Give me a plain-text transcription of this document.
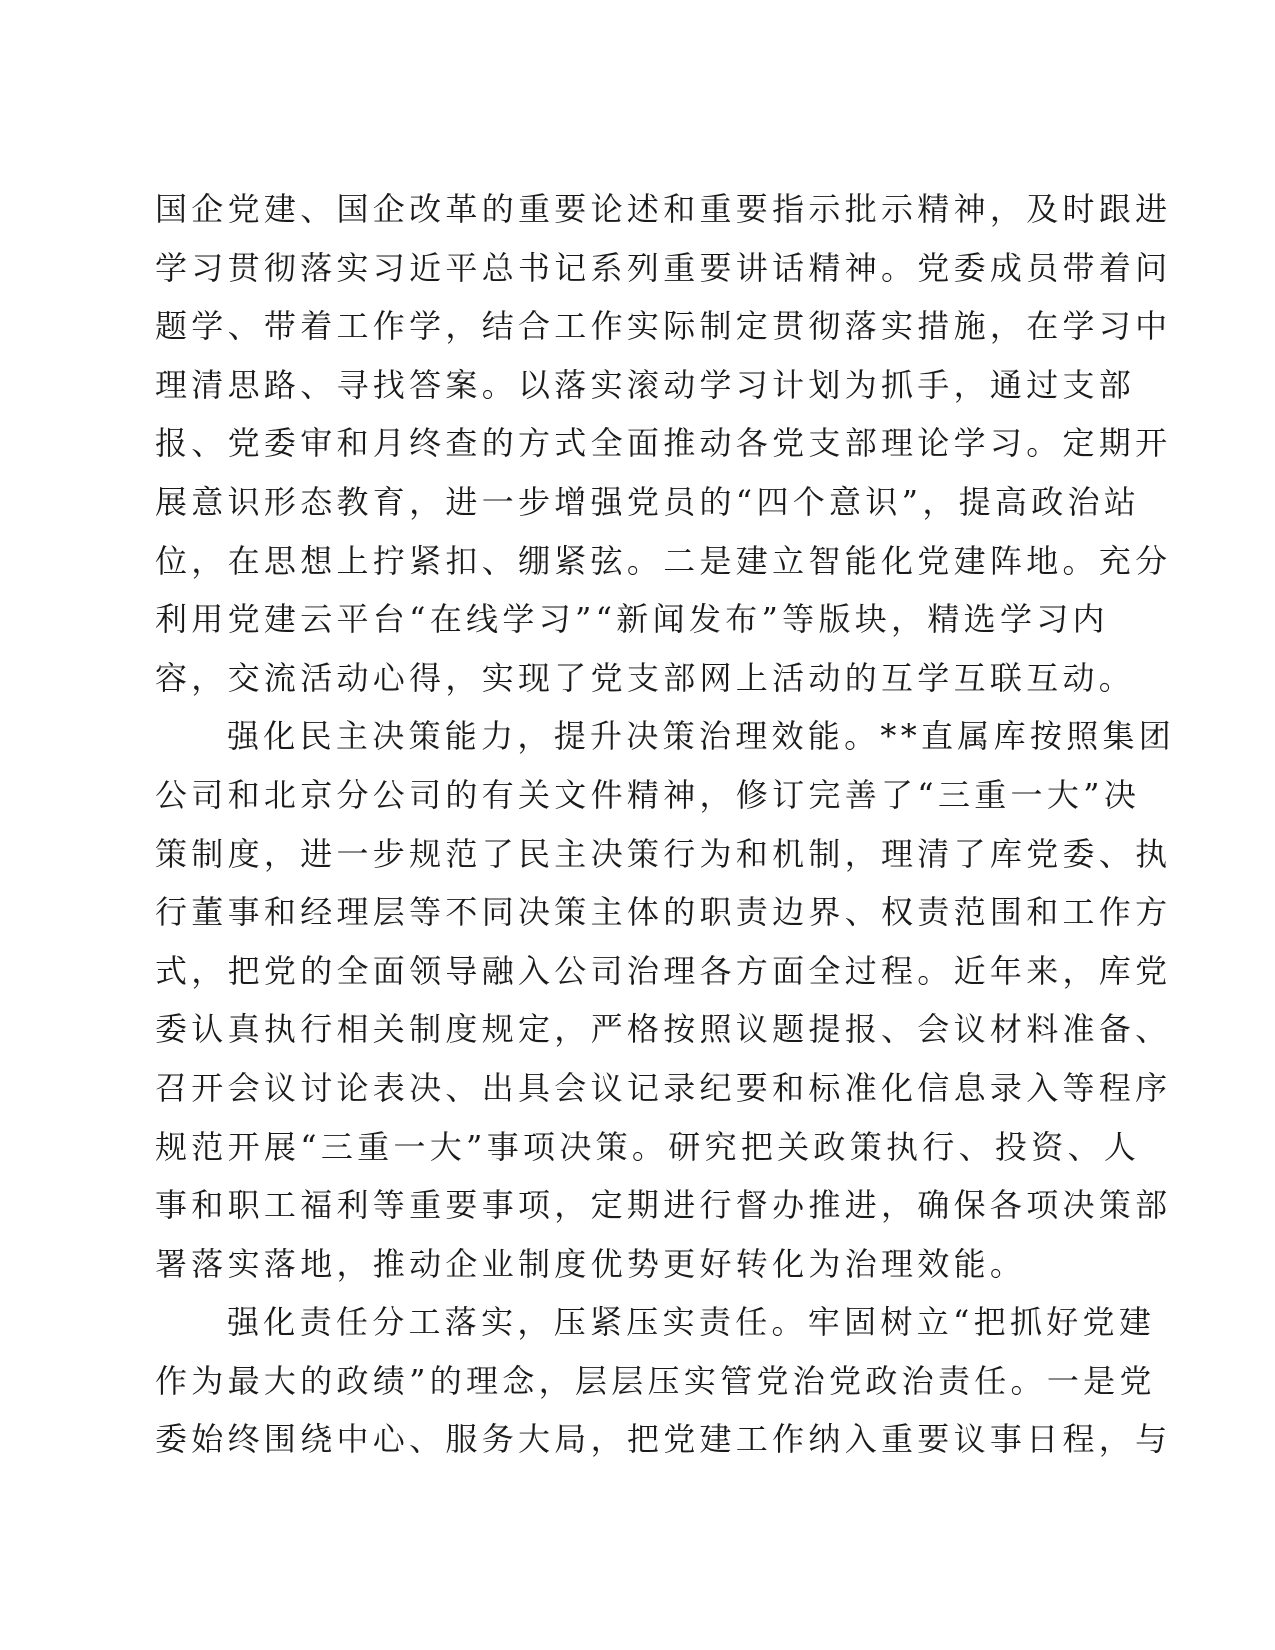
国企党建、国企改革的重要论述和重要指示批示精神，及时跟进
学习贯彻落实习近平总书记系列重要讲话精神。党委成员带着问
题学、带着工作学，结合工作实际制定贯彻落实措施，在学习中
理清思路、寻找答案。以落实滚动学习计划为抓手，通过支部
报、党委审和月终查的方式全面推动各党支部理论学习。定期开
展意识形态教育，进一步增强党员的“四个意识”，提高政治站
位，在思想上拧紧扣、绷紧弦。二是建立智能化党建阵地。充分
利用党建云平台“在线学习”“新闻发布”等版块，精选学习内
容，交流活动心得，实现了党支部网上活动的互学互联互动。
强化民主决策能力，提升决策治理效能。**直属库按照集团
公司和北京分公司的有关文件精神，修订完善了“三重一大”决
策制度，进一步规范了民主决策行为和机制，理清了库党委、执
行董事和经理层等不同决策主体的职责边界、权责范围和工作方
式，把党的全面领导融入公司治理各方面全过程。近年来，库党
委认真执行相关制度规定，严格按照议题提报、会议材料准备、
召开会议讨论表决、出具会议记录纪要和标准化信息录入等程序
规范开展“三重一大”事项决策。研究把关政策执行、投资、人
事和职工福利等重要事项，定期进行督办推进，确保各项决策部
署落实落地，推动企业制度优势更好转化为治理效能。
强化责任分工落实，压紧压实责任。牢固树立“把抓好党建
作为最大的政绩”的理念，层层压实管党治党政治责任。一是党
委始终围绕中心、服务大局，把党建工作纳入重要议事日程，与
